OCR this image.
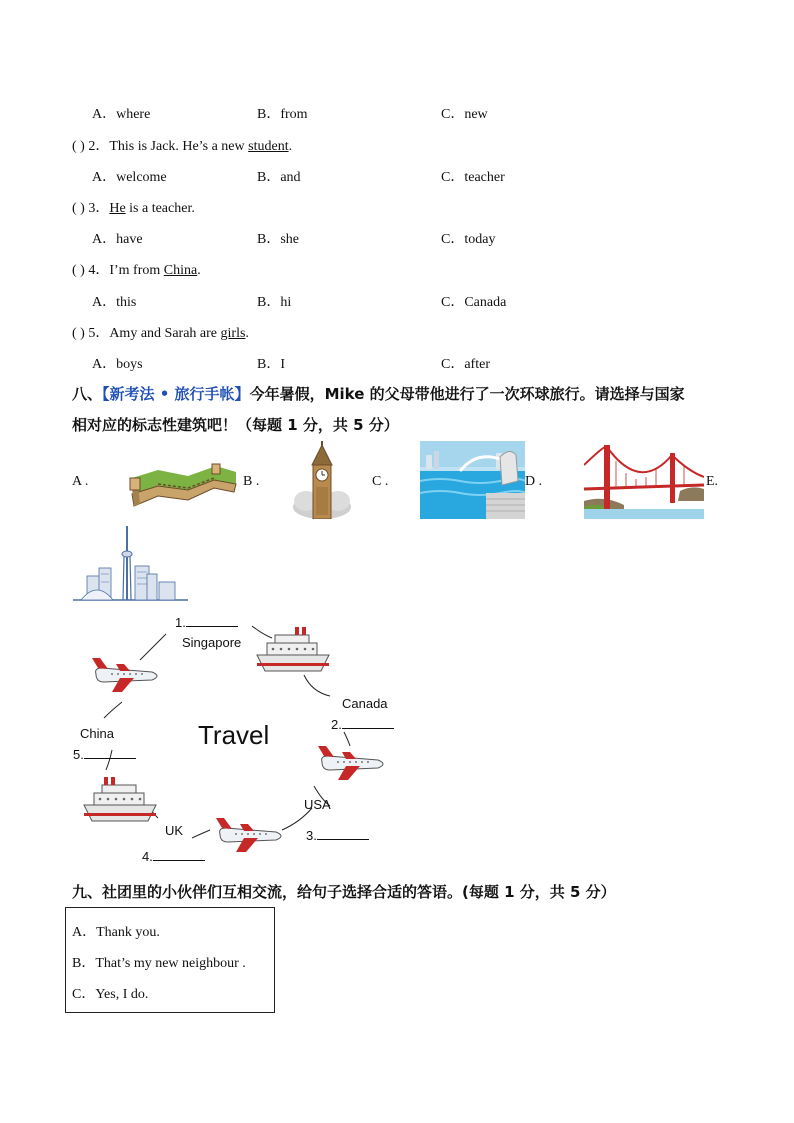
A．where	B．from	C．new
( ) 2．This is Jack. He’s a new student.
A．welcome	B．and	C．teacher
( ) 3．He is a teacher.
A．have	B．she	C．today
( ) 4．I’m from China.
A．this	B．hi	C．Canada
( ) 5．Amy and Sarah are girls.
A．boys	B．I	C．after
八、【新考法 • 旅行手帐】今年暑假，Mike 的父母带他进行了一次环球旅行。请选择与国家
相对应的标志性建筑吧！（每题 1 分，共 5 分）
A .	B .	C .	D .	E.
1.
Singapore
Canada
2.
China	Travel
5.
USA
3.
UK
4.
九、社团里的小伙伴们互相交流，给句子选择合适的答语。(每题 1 分，共 5 分）
A．Thank you.
B．That’s my new neighbour .
C．Yes, I do.
